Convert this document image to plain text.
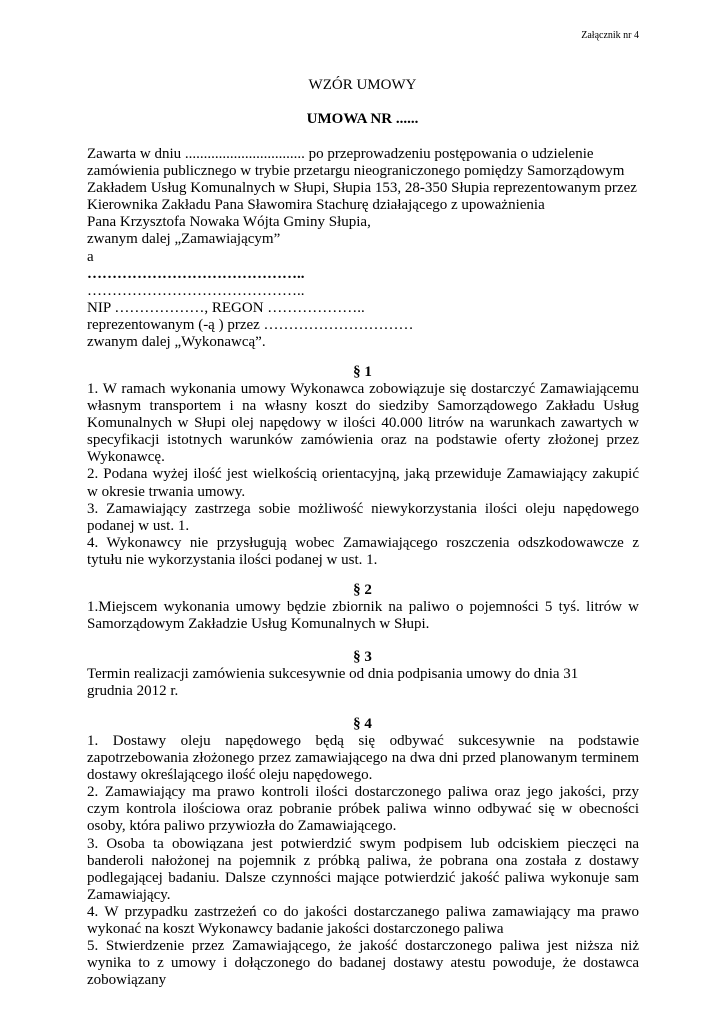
Załącznik nr 4
WZÓR UMOWY
UMOWA NR ......

Zawarta w dniu ................................ po przeprowadzeniu postępowania o udzielenie

zamówienia publicznego w trybie przetargu nieograniczonego pomiędzy Samorządowym

Zakładem Usług Komunalnych w Słupi, Słupia 153, 28-350 Słupia reprezentowanym przez

Kierownika Zakładu Pana Sławomira Stachurę działającego z upoważnienia

Pana Krzysztofa Nowaka Wójta Gminy Słupia,

zwanym dalej „Zamawiającym”

a

……………………………………..

……………………………………..

NIP ………………, REGON ………………..

reprezentowanym (-ą ) przez …………………………

zwanym dalej „Wykonawcą”.

§ 1

1. W ramach wykonania umowy Wykonawca zobowiązuje się dostarczyć Zamawiającemu własnym transportem i na własny koszt do siedziby Samorządowego Zakładu Usług Komunalnych w Słupi olej napędowy w ilości 40.000 litrów na warunkach zawartych w specyfikacji istotnych warunków zamówienia oraz na podstawie oferty złożonej przez Wykonawcę.

2. Podana wyżej ilość jest wielkością orientacyjną, jaką przewiduje Zamawiający zakupić w okresie trwania umowy.

3. Zamawiający zastrzega sobie możliwość niewykorzystania ilości oleju napędowego podanej w ust. 1.

4. Wykonawcy nie przysługują wobec Zamawiającego roszczenia odszkodowawcze z tytułu nie wykorzystania ilości podanej w ust. 1.

§ 2

1.Miejscem wykonania umowy będzie zbiornik na paliwo o pojemności 5 tyś. litrów w Samorządowym Zakładzie Usług Komunalnych w Słupi.

§ 3

Termin realizacji zamówienia sukcesywnie od dnia podpisania umowy do dnia 31 grudnia 2012 r.

§ 4

1. Dostawy oleju napędowego będą się odbywać sukcesywnie na podstawie zapotrzebowania złożonego przez zamawiającego na dwa dni przed planowanym terminem dostawy określającego ilość oleju napędowego.

2. Zamawiający ma prawo kontroli ilości dostarczonego paliwa oraz jego jakości, przy czym kontrola ilościowa oraz pobranie próbek paliwa winno odbywać się w obecności osoby, która paliwo przywiozła do Zamawiającego.

3. Osoba ta obowiązana jest potwierdzić swym podpisem lub odciskiem pieczęci na banderoli nałożonej na pojemnik z próbką paliwa, że pobrana ona została z dostawy podlegającej badaniu. Dalsze czynności mające potwierdzić jakość paliwa wykonuje sam Zamawiający.

4. W przypadku zastrzeżeń co do jakości dostarczanego paliwa zamawiający ma prawo wykonać na koszt Wykonawcy badanie jakości dostarczonego paliwa

5. Stwierdzenie przez Zamawiającego, że jakość dostarczonego paliwa jest niższa niż wynika to z umowy i dołączonego do badanej dostawy atestu powoduje, że dostawca zobowiązany
